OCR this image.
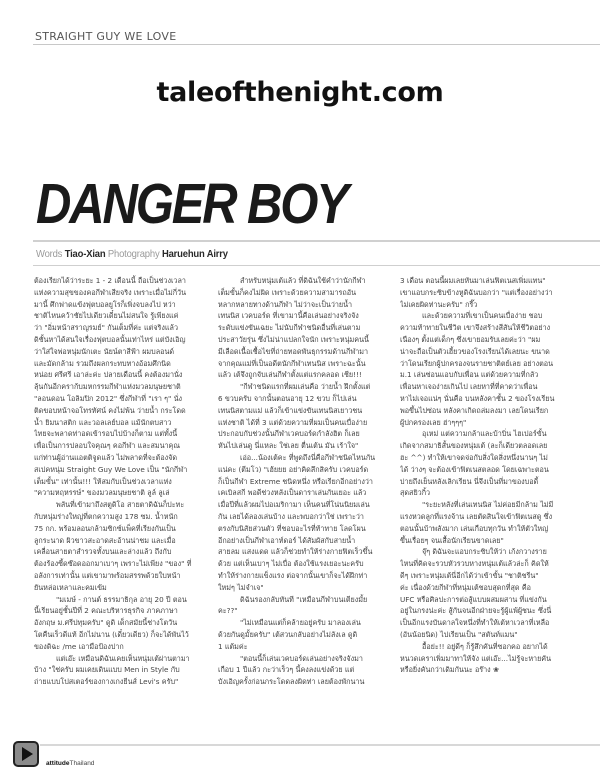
STRAIGHT GUY WE LOVE
taleofthenight.com
DANGER BOY
Words Tiao-Xian Photography Haruehun Airry

ต้องเรียกได้ว่าระยะ 1 - 2 เดือนนี้ ถือเป็นช่วงเวลา

แห่งความสุขของคอกีฬาเสียจริง เพราะเมื่อไม่กี่วัน

มานี้ ศึกฟาดแข้งฟุตบอลยูโรก็เพิ่งจบลงไป หว่า

ชาติไหนคว้าชัยไปเดียวเดี๋ยนไม่สนใจ รู้เพียงแค่

ว่า "อิ่มหน้าสราญรมย์" กันเต็มที่ค่ะ แต่จริงแล้ว

ดิชั้นหาได้สนใจเรื่องฟุตบอลนั้นเท่าไหร่ แต่บังเอิญ

ว่าใส่ใจพ่อหนุ่มนักเตะ นัยน์ตาสีฟ้า ผมบลอนด์

และมัดกล้าม รวมถึงผลกระทบทางอ้อมศึกนิด

หน่อย ศรีศรี เอาล่ะค่ะ ปลายเดือนนี้ คงต้องมานั่ง

ลุ้นกันอีกคราก้บมหกรรมกีฬาแห่งมวลมนุษยชาติ

"ลอนดอน โอลิมปิก 2012" ซึ่งกีฬาที่ "เรา ๆ" นั่ง

ติดขอบหน้าจอโทรทัศน์ คงไม่พ้น ว่ายน้ำ กระโดด

น้ำ ยิมนาสติก และวอลเลย์บอล แม้นักตบสาว

ไทยจะพลาดท่าอดเข้ารอบไปบ้างก็ตาม แต่ทั้งนี้

เพื่อเป็นการปลอบใจคุณๆ คอกีฬา และสมนาคุณ

แก่ท่านผู้อ่านแอตติจูดแล้ว ไม่พลาดที่จะต้องจัด

สเปคหนุ่ม Straight Guy We Love เป็น "นักกีฬา

เต็มขั้น" เท่านั้น!!! ให้สมกับเป็นช่วงเวลาแห่ง

"ความหฤหรรษ์" ของมวลมนุษยชาติ ลูล์ ลูเล่

พลันที่เข้ามาถึงสตูดิโอ สายตาดิฉันก็ปะทะ

กับหนุ่มร่างใหญ่ที่ตกความสูง 178 ซม. น้ำหนัก

75 กก. พร้อมลอนกล้ามซิกซ์แพ็คที่เรียงกันเป็น

ลูกระนาด ผิวขาวสะอาดสะอ้านน่าชม และเมื่อ

เคลื่อนสายตาสำรวจทั้งบนและล่างแล้ว ถึงกับ

ต้องร้องซี้ดซ๊อดออกมาเบาๆ เพราะไม่เพียง "ของ" ที่

อลังการเท่านั้น แต่เขามาพร้อมสรรพด้วยใบหน้า

ยันหล่อเหลาและคมเข้ม

"มเมษ์ - กานต์ ธรรมาธิกุล อายุ 20 ปี ตอน

นี้เรียนอยู่ชั้นปีที่ 2 คณะบริหารธุรกิจ ภาคภาษา

อังกฤษ ม.ศรีปทุมครับ" ดูดิ เด็กสมัยนี้ช่างโตวัน

โตคืนเร็วดีแท้ อีกไม่นาน (เดี๋ยวเดียว) ก็จะได้พันไว้

ของดิฉะ /me เอามือป้องปาก

แต่เอ๊ะ เหมือนดิฉันเคยเห็นหนุ่มเต้ผ่านตามา

บ้าง "ใช่ครับ ผมเคยเดินแบบ Men in Style กับ

ถ่ายแบบโปสเตอร์ของกางเกงยีนส์ Levi's ครับ"

สำหรับหนุ่มเต้แล้ว ที่ดิฉันใช้คำว่านักกีฬา

เต็มขั้นก็คงไม่ผิด เพราะด้วยความสามารถอัน

หลากหลายทางด้านกีฬา ไม่ว่าจะเป็นว่ายน้ำ

เทนนิส เวคบอร์ด ที่เขามานี้คือเล่นอย่างจริงจัง

ระดับแข่งขันเฉยะ ไม่นับกีฬาชนิดอื่นที่เล่นตาม

ประสาวัยรุ่น ซึ่งไม่น่าแปลกใจนัก เพราะหนุ่มคนนี้

มีเลือดเนื้อเชื้อไขที่ถ่ายทอดพันธุกรรมด้านกีฬามา

จากคุณแม่ที่เป็นอดีตนักกีฬาเทนนิส เพราะฉะนั้น

แล้ว เต้จึงถูกจับเล่นกีฬาตั้งแต่แรกคลอด เชีย!!!

"กีฬาชนิดแรกที่ผมเล่นคือ ว่ายน้ำ ฝึกตั้งแต่

6 ขวบครับ จากนั้นตอนอายุ 12 ขวบ ก็ไปเล่น

เทนนิสตามแม่ แล้วก็เข้าแข่งขันเทนนิสเยาวชน

แห่งชาติ ได้ที่ 3 แต่ด้วยความที่ผมเป็นคนเบื่อง่าย

ประกอบกับช่วงนั้นกีฬาเวคบอร์ดกำลังฮิต ก็เลย

หันไปเล่นดู นี่แหละ ใช่เลย ตื่นเต้น มัน เร้าใจ"

เอ่อ...น้องเต้คะ ที่พูดถึงนี่คือกีฬาชนิดไหนกัน

แน่คะ (ตีมโว) "เฮ้ยยย อย่าคิดลึกสิครับ เวคบอร์ด

ก็เป็นกีฬา Extreme ชนิดหนึ่ง หรือเรียกอีกอย่างว่า

เคเบิลสกี พอดีช่วงหลังเป็นดาราเล่นกันเยอะ แล้ว

เมื่อปีที่แล้วผมไปอเมริกามา เห็นคนที่โน่นนิยมเล่น

กัน เลยได้ลองเล่นบ้าง และพบอกว่าใช่ เพราะว่า

ตรงกับนิสัยส่วนตัว ที่ชอบอะไรที่ท้าทาย โลดโผน

อีกอย่างเป็นกีฬาเอาท์ดอร์ ได้สัมผัสกับสายน้ำ

สายลม แสงแดด แล้วก็ช่วยทำให้ร่างกายฟิตเร็วขึ้น

ด้วย แต่เห็นเบาๆ ไม่เบื่อ ต้องใช้แรงเยอะนะครับ

ทำให้ร่างกายแข็งแรง ต่อจากนั้นเขาก็จะได้ฝึกท่า

ใหม่ๆ ไม่จำเจ"

ดิฉันรองกลับทันที "เหมือนกีฬาบนเตียงมั้ย

คะ??"

"ไม่เหมือนแต่ก็คล้ายอยู่ครับ มาลองเล่น

ด้วยกันดูมั้ยครับ" เต้สวนกลับอย่างไม่ลังเล ดูดิ

1 แต้มค่ะ

"ตอนนี้ก็เล่นเวคบอร์ดเล่นอย่างจริงจังมา

เกือบ 1 ปีแล้ว กะว่าเร็วๆ นี้คงลงแข่งด้วย แต่

บังเอิญครั้งก่อนกระโดดลงผิดท่า เลยต้องพักนาน

3 เดือน ตอนนี้ผมเลยหันมาเล่นฟิตเนสเพิ่มแทน"

เขาแอบกระซิบข้างหูดิฉันบอกว่า "แต่เรื่องอย่างว่า

ไม่เคยผิดท่านะครับ" กรี๊ว

และด้วยความที่เขาเป็นคนเบื่อง่าย ชอบ

ความท้าทายในชีวิต เขาจึงสร้างสีสันให้ชีวิตอย่าง

เนืองๆ ตั้งแต่เด็กๆ ซึ่งเขายอมรับเลยค่ะว่า "ผม

น่าจะถือเป็นตัวเฮี้ยวของโรงเรียนได้เลยนะ ขนาด

ว่าโดนเรียกผู้ปกครองจนรายชาติตย์เลย อย่างตอน

ม.1 เล่นซ่อนแอบกับเพื่อน แต่ด้วยความที่กลัว

เพื่อนหาเจอง่ายเกินไป เลยหาที่ที่คาดว่าเพื่อน

หาไม่เจอแน่ๆ นั่นคือ บนหลังคาชั้น 2 ของโรงเรียน

พอขึ้นไปซ่อน หลังคาเกิดถล่มลงมา เลยโดนเรียก

ผู้ปกครองเลย ฮ่าๆๆๆ"

อุเหม่ แต่ความกล้าและบ้าบิ่น ไฮเปอร์ขั้น

เกิดจากสมาธิสั้นของหนุ่มเต้ (ละก็เดียวตลอดเลย

ฮะ ^^) ทำให้เขาจดจ่อกับสิ่งใดสิ่งหนึ่งนานๆ ไม่

ได้ ว่างๆ จะต้องเข้าฟิตเนสตลอด โดยเฉพาะตอน

บ่ายถึงเย็นหลังเลิกเรียน นี่จึงเป็นที่มาของบอดี้

สุดสยิวกิ้ว

"ระยะหลังที่เล่นเทนนิส ไม่ค่อยมีกล้าม ไม่มี

แรงหวดลูกที่แรงจ้าน เลยตัดสินใจเข้าฟิตเนสดู ซึ่ง

ตอนนั้นบ้าพลังมาก เล่นเกือบทุกวัน ทำให้ตัวใหญ่

ขึ้นเรื่อยๆ จนเสื้อนักเรียนขาดเลย"

จุ๊ๆ ดิฉันจะแอบกระซิบให้ว่า เก้งกวางราย

ไหนที่คิดจะรวบหัวรวบหางหนุ่มเต้แล้วล่ะก็ คิดให้

ดีๆ เพราะหนุ่มเต้นี่อีกได้ว่าเข้าขั้น "ชาติชรีน"

ค่ะ เนื่องด้วยกีฬาที่หนุ่มเต้ชอบสุดกที่สุด คือ

UFC หรือศิลปะการต่อสู้แบบผสมผสาน ที่แข่งกัน

อยู่ในกรงน่ะค่ะ สู้กันจนอีกฝ่ายจะรู้ผู้แพ้ผู้ชนะ ซึ่งนี่

เป็นอีกแรงบันดาลใจหนึ่งที่ทำให้เต้หาเวลาที่เหลือ

(อันน้อยนิด) ไปเรียนเป็น "สตันท์แมน"

อื้อย่ะ!! อยู่ดีๆ ก็รู้สึกคันที่ซอกคอ อยากได้

หนวดเคราเพิ่มมาทาให้จัง แต่เอ๊ะ...ไม่รู้จะหายคัน

หรือยิ่งคันกว่าเดิมกันนะ อร๊าง ❀

attitudeThailand
